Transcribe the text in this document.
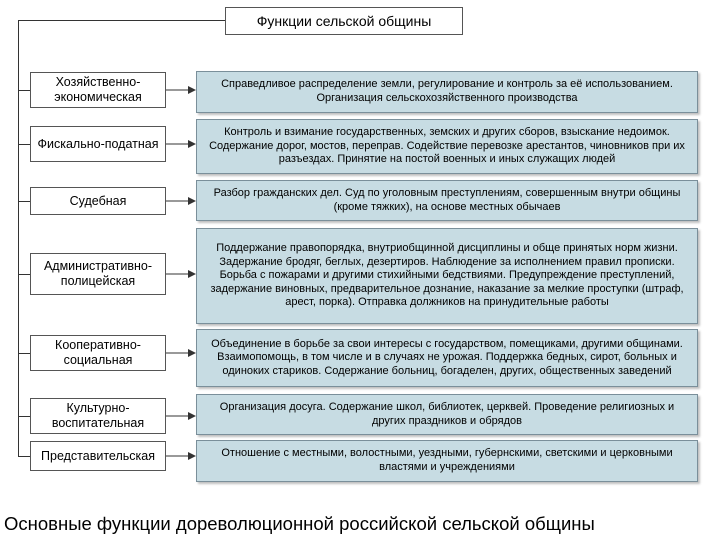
Функции сельской общины
Хозяйственно-экономическая
Справедливое распределение земли, регулирование и контроль за её использованием. Организация сельскохозяйственного производства
Фискально-податная
Контроль и взимание государственных, земских и других сборов, взыскание недоимок. Содержание дорог, мостов, переправ. Содействие перевозке арестантов, чиновников при их разъездах. Принятие на постой военных и иных служащих людей
Судебная
Разбор гражданских дел. Суд по уголовным преступлениям, совершенным внутри общины (кроме тяжких), на основе местных обычаев
Административно-полицейская
Поддержание правопорядка, внутриобщинной дисциплины и обще принятых норм жизни. Задержание бродяг, беглых, дезертиров. Наблюдение за исполнением правил прописки. Борьба с пожарами и другими стихийными бедствиями. Предупреждение преступлений, задержание виновных, предварительное дознание, наказание за мелкие проступки (штраф, арест, порка). Отправка должников на принудительные работы
Кооперативно-социальная
Объединение в борьбе за свои интересы с государством, помещиками, другими общинами. Взаимопомощь, в том числе и в случаях не урожая. Поддержка бедных, сирот, больных и одиноких стариков. Содержание больниц, богаделен, других, общественных заведений
Культурно-воспитательная
Организация досуга. Содержание школ, библиотек, церквей. Проведение религиозных и других праздников и обрядов
Представительская	Отношение с местными, волостными, уездными, губернскими, светскими и церковными властями и учреждениями
Основные функции дореволюционной российской сельской общины
